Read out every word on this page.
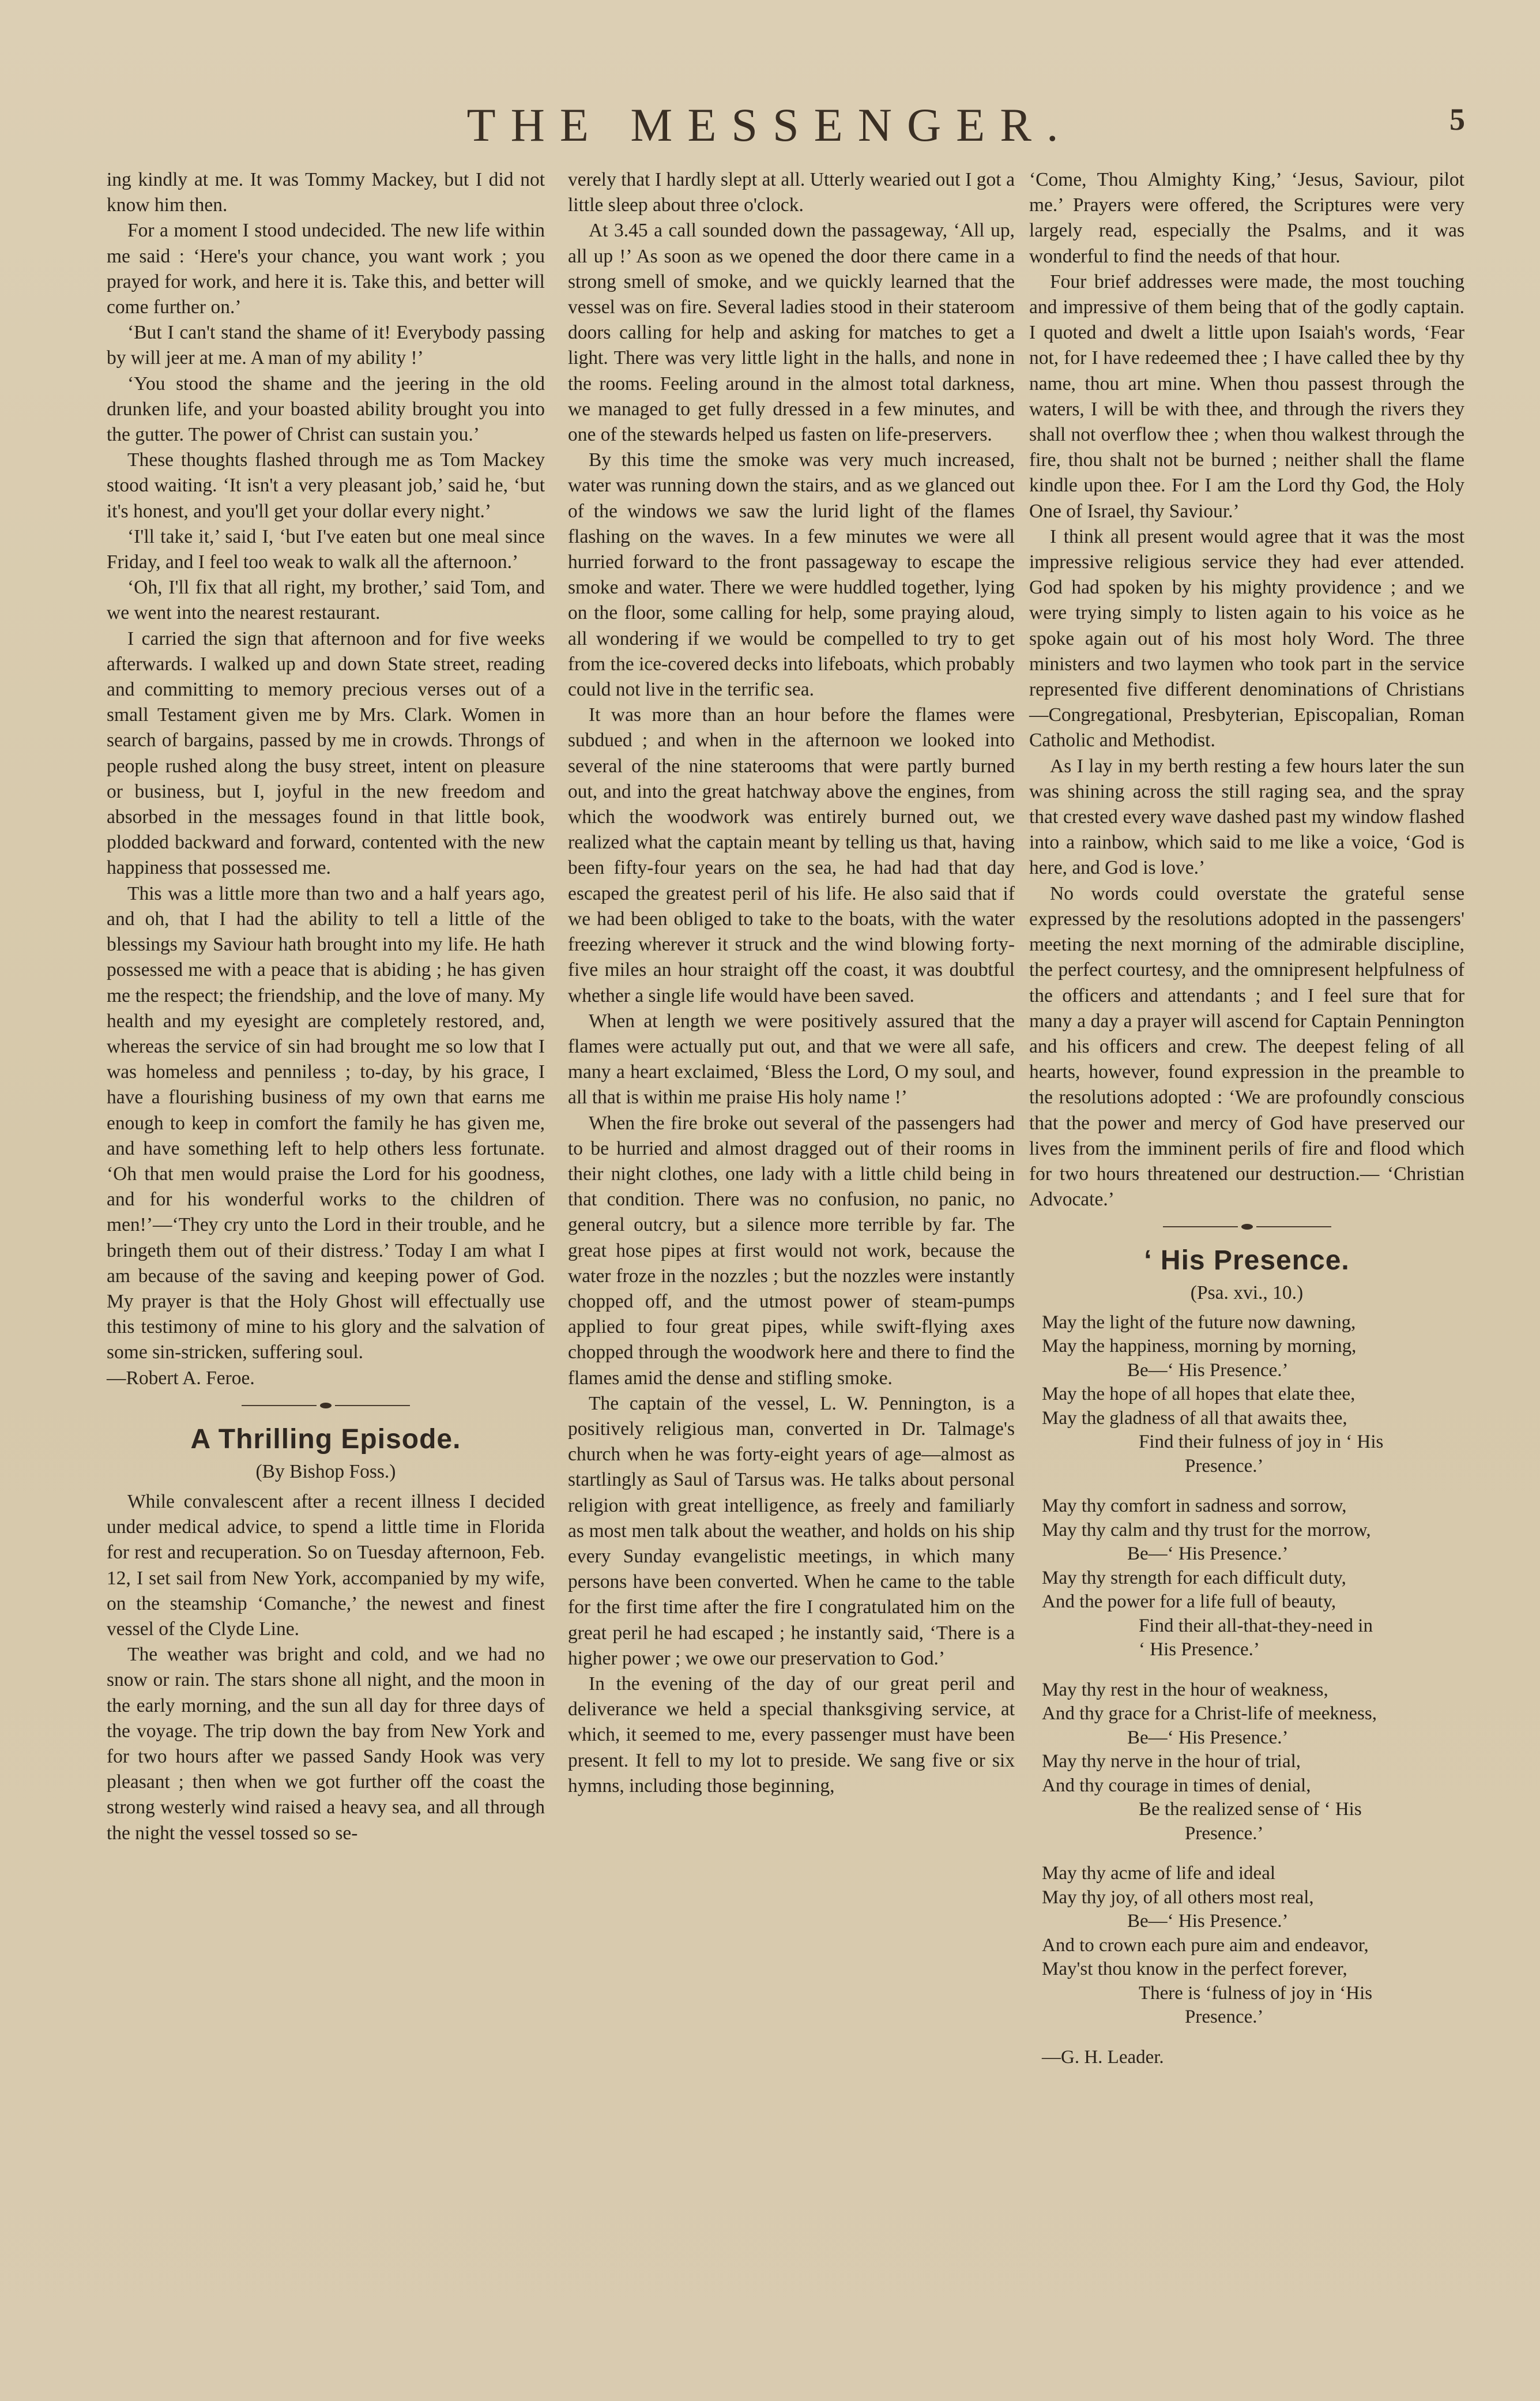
THE MESSENGER.	5

ing kindly at me. It was Tommy Mackey, but I did not know him then.

For a moment I stood undecided. The new life within me said : ‘Here's your chance, you want work ; you prayed for work, and here it is. Take this, and better will come further on.’

‘But I can't stand the shame of it! Everybody passing by will jeer at me. A man of my ability !’

‘You stood the shame and the jeering in the old drunken life, and your boasted ability brought you into the gutter. The power of Christ can sustain you.’

These thoughts flashed through me as Tom Mackey stood waiting. ‘It isn't a very pleasant job,’ said he, ‘but it's honest, and you'll get your dollar every night.’

‘I'll take it,’ said I, ‘but I've eaten but one meal since Friday, and I feel too weak to walk all the afternoon.’

‘Oh, I'll fix that all right, my brother,’ said Tom, and we went into the nearest restaurant.

I carried the sign that afternoon and for five weeks afterwards. I walked up and down State street, reading and committing to memory precious verses out of a small Testament given me by Mrs. Clark. Women in search of bargains, passed by me in crowds. Throngs of people rushed along the busy street, intent on pleasure or business, but I, joyful in the new freedom and absorbed in the messages found in that little book, plodded backward and forward, contented with the new happiness that possessed me.

This was a little more than two and a half years ago, and oh, that I had the ability to tell a little of the blessings my Saviour hath brought into my life. He hath possessed me with a peace that is abiding ; he has given me the respect; the friendship, and the love of many. My health and my eyesight are completely restored, and, whereas the service of sin had brought me so low that I was homeless and penniless ; to-day, by his grace, I have a flourishing business of my own that earns me enough to keep in comfort the family he has given me, and have something left to help others less fortunate. ‘Oh that men would praise the Lord for his goodness, and for his wonderful works to the children of men!’—‘They cry unto the Lord in their trouble, and he bringeth them out of their distress.’ Today I am what I am because of the saving and keeping power of God. My prayer is that the Holy Ghost will effectually use this testimony of mine to his glory and the salvation of some sin-stricken, suffering soul.

—Robert A. Feroe.

A Thrilling Episode.
(By Bishop Foss.)

While convalescent after a recent illness I decided under medical advice, to spend a little time in Florida for rest and recuperation. So on Tuesday afternoon, Feb. 12, I set sail from New York, accompanied by my wife, on the steamship ‘Comanche,’ the newest and finest vessel of the Clyde Line.

The weather was bright and cold, and we had no snow or rain. The stars shone all night, and the moon in the early morning, and the sun all day for three days of the voyage. The trip down the bay from New York and for two hours after we passed Sandy Hook was very pleasant ; then when we got further off the coast the strong westerly wind raised a heavy sea, and all through the night the vessel tossed so se-

verely that I hardly slept at all. Utterly wearied out I got a little sleep about three o'clock.

At 3.45 a call sounded down the passageway, ‘All up, all up !’ As soon as we opened the door there came in a strong smell of smoke, and we quickly learned that the vessel was on fire. Several ladies stood in their stateroom doors calling for help and asking for matches to get a light. There was very little light in the halls, and none in the rooms. Feeling around in the almost total darkness, we managed to get fully dressed in a few minutes, and one of the stewards helped us fasten on life-preservers.

By this time the smoke was very much increased, water was running down the stairs, and as we glanced out of the windows we saw the lurid light of the flames flashing on the waves. In a few minutes we were all hurried forward to the front passageway to escape the smoke and water. There we were huddled together, lying on the floor, some calling for help, some praying aloud, all wondering if we would be compelled to try to get from the ice-covered decks into lifeboats, which probably could not live in the terrific sea.

It was more than an hour before the flames were subdued ; and when in the afternoon we looked into several of the nine staterooms that were partly burned out, and into the great hatchway above the engines, from which the woodwork was entirely burned out, we realized what the captain meant by telling us that, having been fifty-four years on the sea, he had had that day escaped the greatest peril of his life. He also said that if we had been obliged to take to the boats, with the water freezing wherever it struck and the wind blowing forty-five miles an hour straight off the coast, it was doubtful whether a single life would have been saved.

When at length we were positively assured that the flames were actually put out, and that we were all safe, many a heart exclaimed, ‘Bless the Lord, O my soul, and all that is within me praise His holy name !’

When the fire broke out several of the passengers had to be hurried and almost dragged out of their rooms in their night clothes, one lady with a little child being in that condition. There was no confusion, no panic, no general outcry, but a silence more terrible by far. The great hose pipes at first would not work, because the water froze in the nozzles ; but the nozzles were instantly chopped off, and the utmost power of steam-pumps applied to four great pipes, while swift-flying axes chopped through the woodwork here and there to find the flames amid the dense and stifling smoke.

The captain of the vessel, L. W. Pennington, is a positively religious man, converted in Dr. Talmage's church when he was forty-eight years of age—almost as startlingly as Saul of Tarsus was. He talks about personal religion with great intelligence, as freely and familiarly as most men talk about the weather, and holds on his ship every Sunday evangelistic meetings, in which many persons have been converted. When he came to the table for the first time after the fire I congratulated him on the great peril he had escaped ; he instantly said, ‘There is a higher power ; we owe our preservation to God.’

In the evening of the day of our great peril and deliverance we held a special thanksgiving service, at which, it seemed to me, every passenger must have been present. It fell to my lot to preside. We sang five or six hymns, including those beginning,

‘Come, Thou Almighty King,’ ‘Jesus, Saviour, pilot me.’ Prayers were offered, the Scriptures were very largely read, especially the Psalms, and it was wonderful to find the needs of that hour.

Four brief addresses were made, the most touching and impressive of them being that of the godly captain. I quoted and dwelt a little upon Isaiah's words, ‘Fear not, for I have redeemed thee ; I have called thee by thy name, thou art mine. When thou passest through the waters, I will be with thee, and through the rivers they shall not overflow thee ; when thou walkest through the fire, thou shalt not be burned ; neither shall the flame kindle upon thee. For I am the Lord thy God, the Holy One of Israel, thy Saviour.’

I think all present would agree that it was the most impressive religious service they had ever attended. God had spoken by his mighty providence ; and we were trying simply to listen again to his voice as he spoke again out of his most holy Word. The three ministers and two laymen who took part in the service represented five different denominations of Christians—Congregational, Presbyterian, Episcopalian, Roman Catholic and Methodist.

As I lay in my berth resting a few hours later the sun was shining across the still raging sea, and the spray that crested every wave dashed past my window flashed into a rainbow, which said to me like a voice, ‘God is here, and God is love.’

No words could overstate the grateful sense expressed by the resolutions adopted in the passengers' meeting the next morning of the admirable discipline, the perfect courtesy, and the omnipresent helpfulness of the officers and attendants ; and I feel sure that for many a day a prayer will ascend for Captain Pennington and his officers and crew. The deepest feling of all hearts, however, found expression in the preamble to the resolutions adopted : ‘We are profoundly conscious that the power and mercy of God have preserved our lives from the imminent perils of fire and flood which for two hours threatened our destruction.— ‘Christian Advocate.’

‘ His Presence.
(Psa. xvi., 10.)
May the light of the future now dawning,
May the happiness, morning by morning,
Be—‘ His Presence.’
May the hope of all hopes that elate thee,
May the gladness of all that awaits thee,
Find their fulness of joy in ‘ His
Presence.’
May thy comfort in sadness and sorrow,
May thy calm and thy trust for the morrow,
Be—‘ His Presence.’
May thy strength for each difficult duty,
And the power for a life full of beauty,
Find their all-that-they-need in
‘ His Presence.’
May thy rest in the hour of weakness,
And thy grace for a Christ-life of meekness,
Be—‘ His Presence.’
May thy nerve in the hour of trial,
And thy courage in times of denial,
Be the realized sense of ‘ His
Presence.’
May thy acme of life and ideal
May thy joy, of all others most real,
Be—‘ His Presence.’
And to crown each pure aim and endeavor,
May'st thou know in the perfect forever,
There is ‘fulness of joy in ‘His
Presence.’
—G. H. Leader.
